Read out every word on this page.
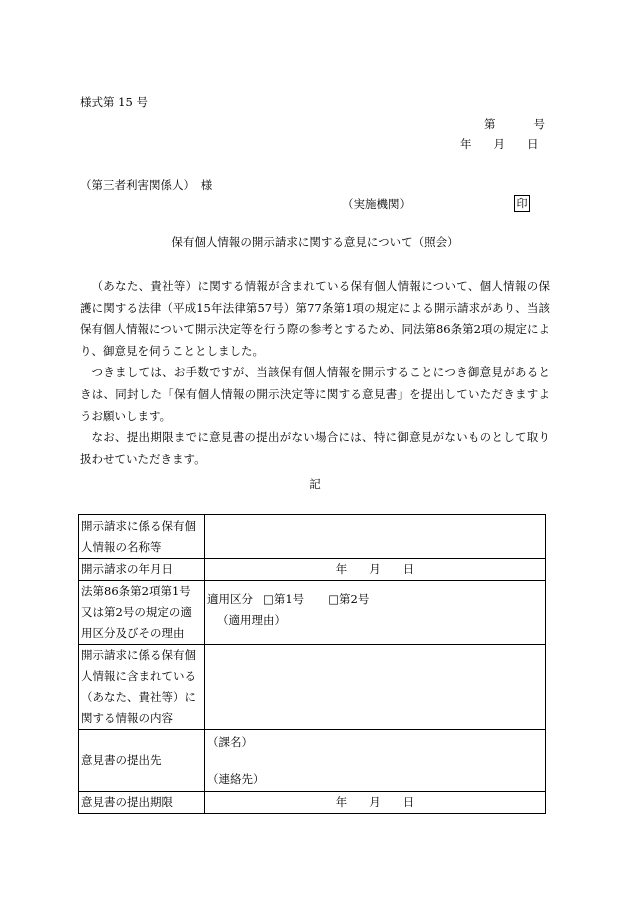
様式第 15 号
第	号
年 月 日
（第三者利害関係人）　様
（実施機関）	印
保有個人情報の開示請求に関する意見について（照会）

（あなた、貴社等）に関する情報が含まれている保有個人情報について、個人情報の保護に関する法律（平成15年法律第57号）第77条第1項の規定による開示請求があり、当該保有個人情報について開示決定等を行う際の参考とするため、同法第86条第2項の規定により、御意見を伺うこととしました。

つきましては、お手数ですが、当該保有個人情報を開示することにつき御意見があるときは、同封した「保有個人情報の開示決定等に関する意見書」を提出していただきますようお願いします。

なお、提出期限までに意見書の提出がない場合には、特に御意見がないものとして取り扱わせていただきます。

記
開示請求に係る保有個人情報の名称等	
開示請求の年月日	年 月 日
法第86条第2項第1号又は第2号の規定の適用区分及びその理由	適用区分 □第1号 □第2号
（適用理由）

開示請求に係る保有個人情報に含まれている（あなた、貴社等）に関する情報の内容	
意見書の提出先	（課名）
（連絡先）

意見書の提出期限	年 月 日
